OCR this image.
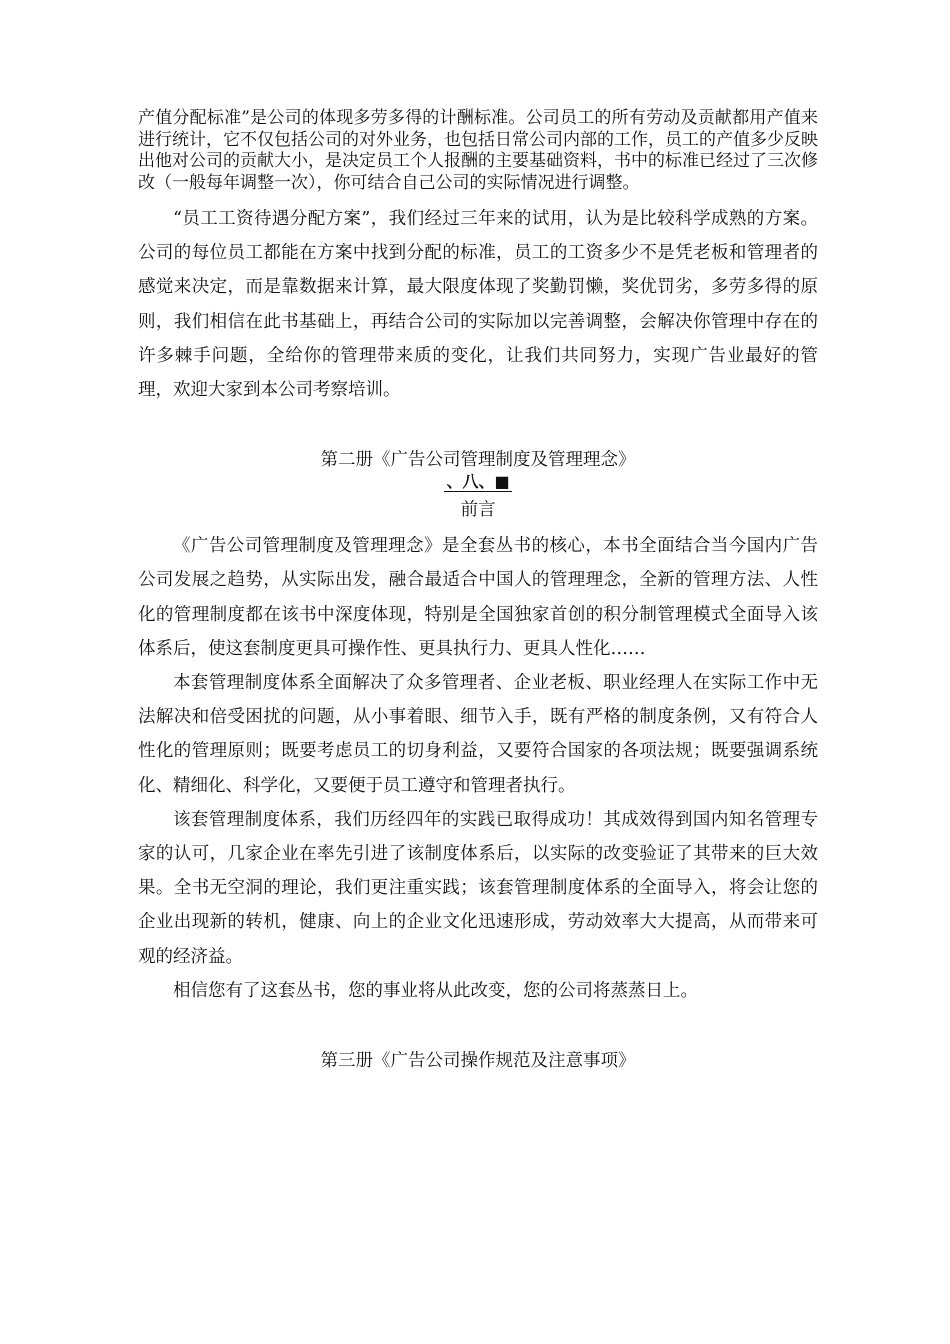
产值分配标准”是公司的体现多劳多得的计酬标准。公司员工的所有劳动及贡献都用产值来进行统计，它不仅包括公司的对外业务，也包括日常公司内部的工作，员工的产值多少反映出他对公司的贡献大小，是决定员工个人报酬的主要基础资料，书中的标准已经过了三次修改（一般每年调整一次），你可结合自己公司的实际情况进行调整。

“员工工资待遇分配方案”，我们经过三年来的试用，认为是比较科学成熟的方案。公司的每位员工都能在方案中找到分配的标准，员工的工资多少不是凭老板和管理者的感觉来决定，而是靠数据来计算，最大限度体现了奖勤罚懒，奖优罚劣，多劳多得的原则，我们相信在此书基础上，再结合公司的实际加以完善调整，会解决你管理中存在的许多棘手问题，全给你的管理带来质的变化，让我们共同努力，实现广告业最好的管理，欢迎大家到本公司考察培训。

第二册《广告公司管理制度及管理理念》

、八、■

前言

《广告公司管理制度及管理理念》是全套丛书的核心，本书全面结合当今国内广告公司发展之趋势，从实际出发，融合最适合中国人的管理理念，全新的管理方法、人性化的管理制度都在该书中深度体现，特别是全国独家首创的积分制管理模式全面导入该体系后，使这套制度更具可操作性、更具执行力、更具人性化……

本套管理制度体系全面解决了众多管理者、企业老板、职业经理人在实际工作中无法解决和倍受困扰的问题，从小事着眼、细节入手，既有严格的制度条例，又有符合人性化的管理原则；既要考虑员工的切身利益，又要符合国家的各项法规；既要强调系统化、精细化、科学化，又要便于员工遵守和管理者执行。

该套管理制度体系，我们历经四年的实践已取得成功！其成效得到国内知名管理专家的认可，几家企业在率先引进了该制度体系后，以实际的改变验证了其带来的巨大效果。全书无空洞的理论，我们更注重实践；该套管理制度体系的全面导入，将会让您的企业出现新的转机，健康、向上的企业文化迅速形成，劳动效率大大提高，从而带来可观的经济益。

相信您有了这套丛书，您的事业将从此改变，您的公司将蒸蒸日上。

第三册《广告公司操作规范及注意事项》
